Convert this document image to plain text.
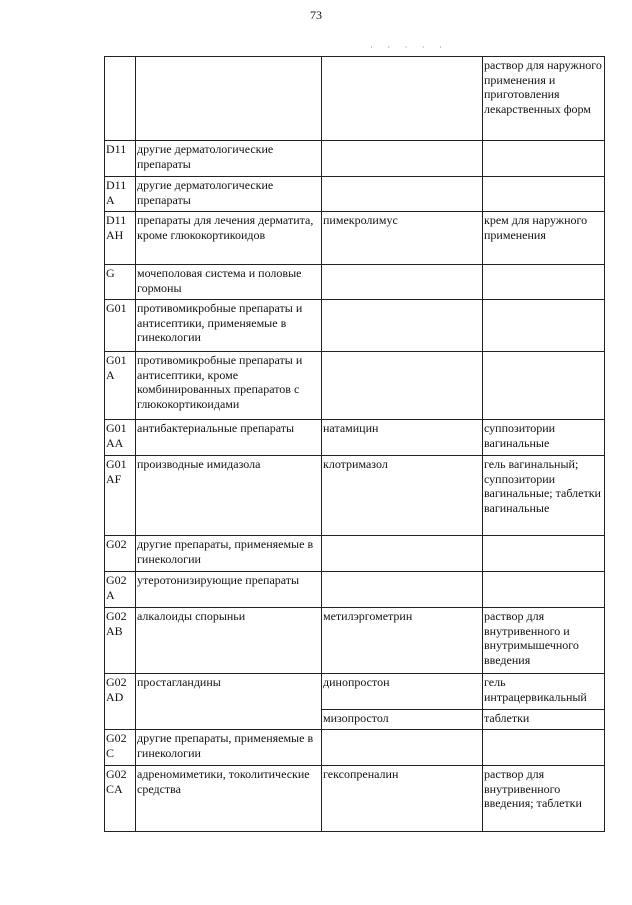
73
· · · · ·
			раствор для наружного применения и приготовления лекарственных форм
D11	другие дерматологические препараты		
D11 A	другие дерматологические препараты		
D11 AH	препараты для лечения дерматита, кроме глюкокортикоидов	пимекролимус	крем для наружного применения
G	мочеполовая система и половые гормоны		
G01	противомикробные препараты и антисептики, применяемые в гинекологии		
G01 A	противомикробные препараты и антисептики, кроме комбинированных препаратов с глюкокортикоидами		
G01 AA	антибактериальные препараты	натамицин	суппозитории вагинальные
G01 AF	производные имидазола	клотримазол	гель вагинальный; суппозитории вагинальные; таблетки вагинальные
G02	другие препараты, применяемые в гинекологии		
G02 A	утеротонизирующие препараты		
G02 AB	алкалоиды спорыньи	метилэргометрин	раствор для внутривенного и внутримышечного введения
G02 AD	простагландины	динопростон	гель интрацервикальный
		мизопростол	таблетки
G02 C	другие препараты, применяемые в гинекологии		
G02 CA	адреномиметики, токолитические средства	гексопреналин	раствор для внутривенного введения; таблетки
